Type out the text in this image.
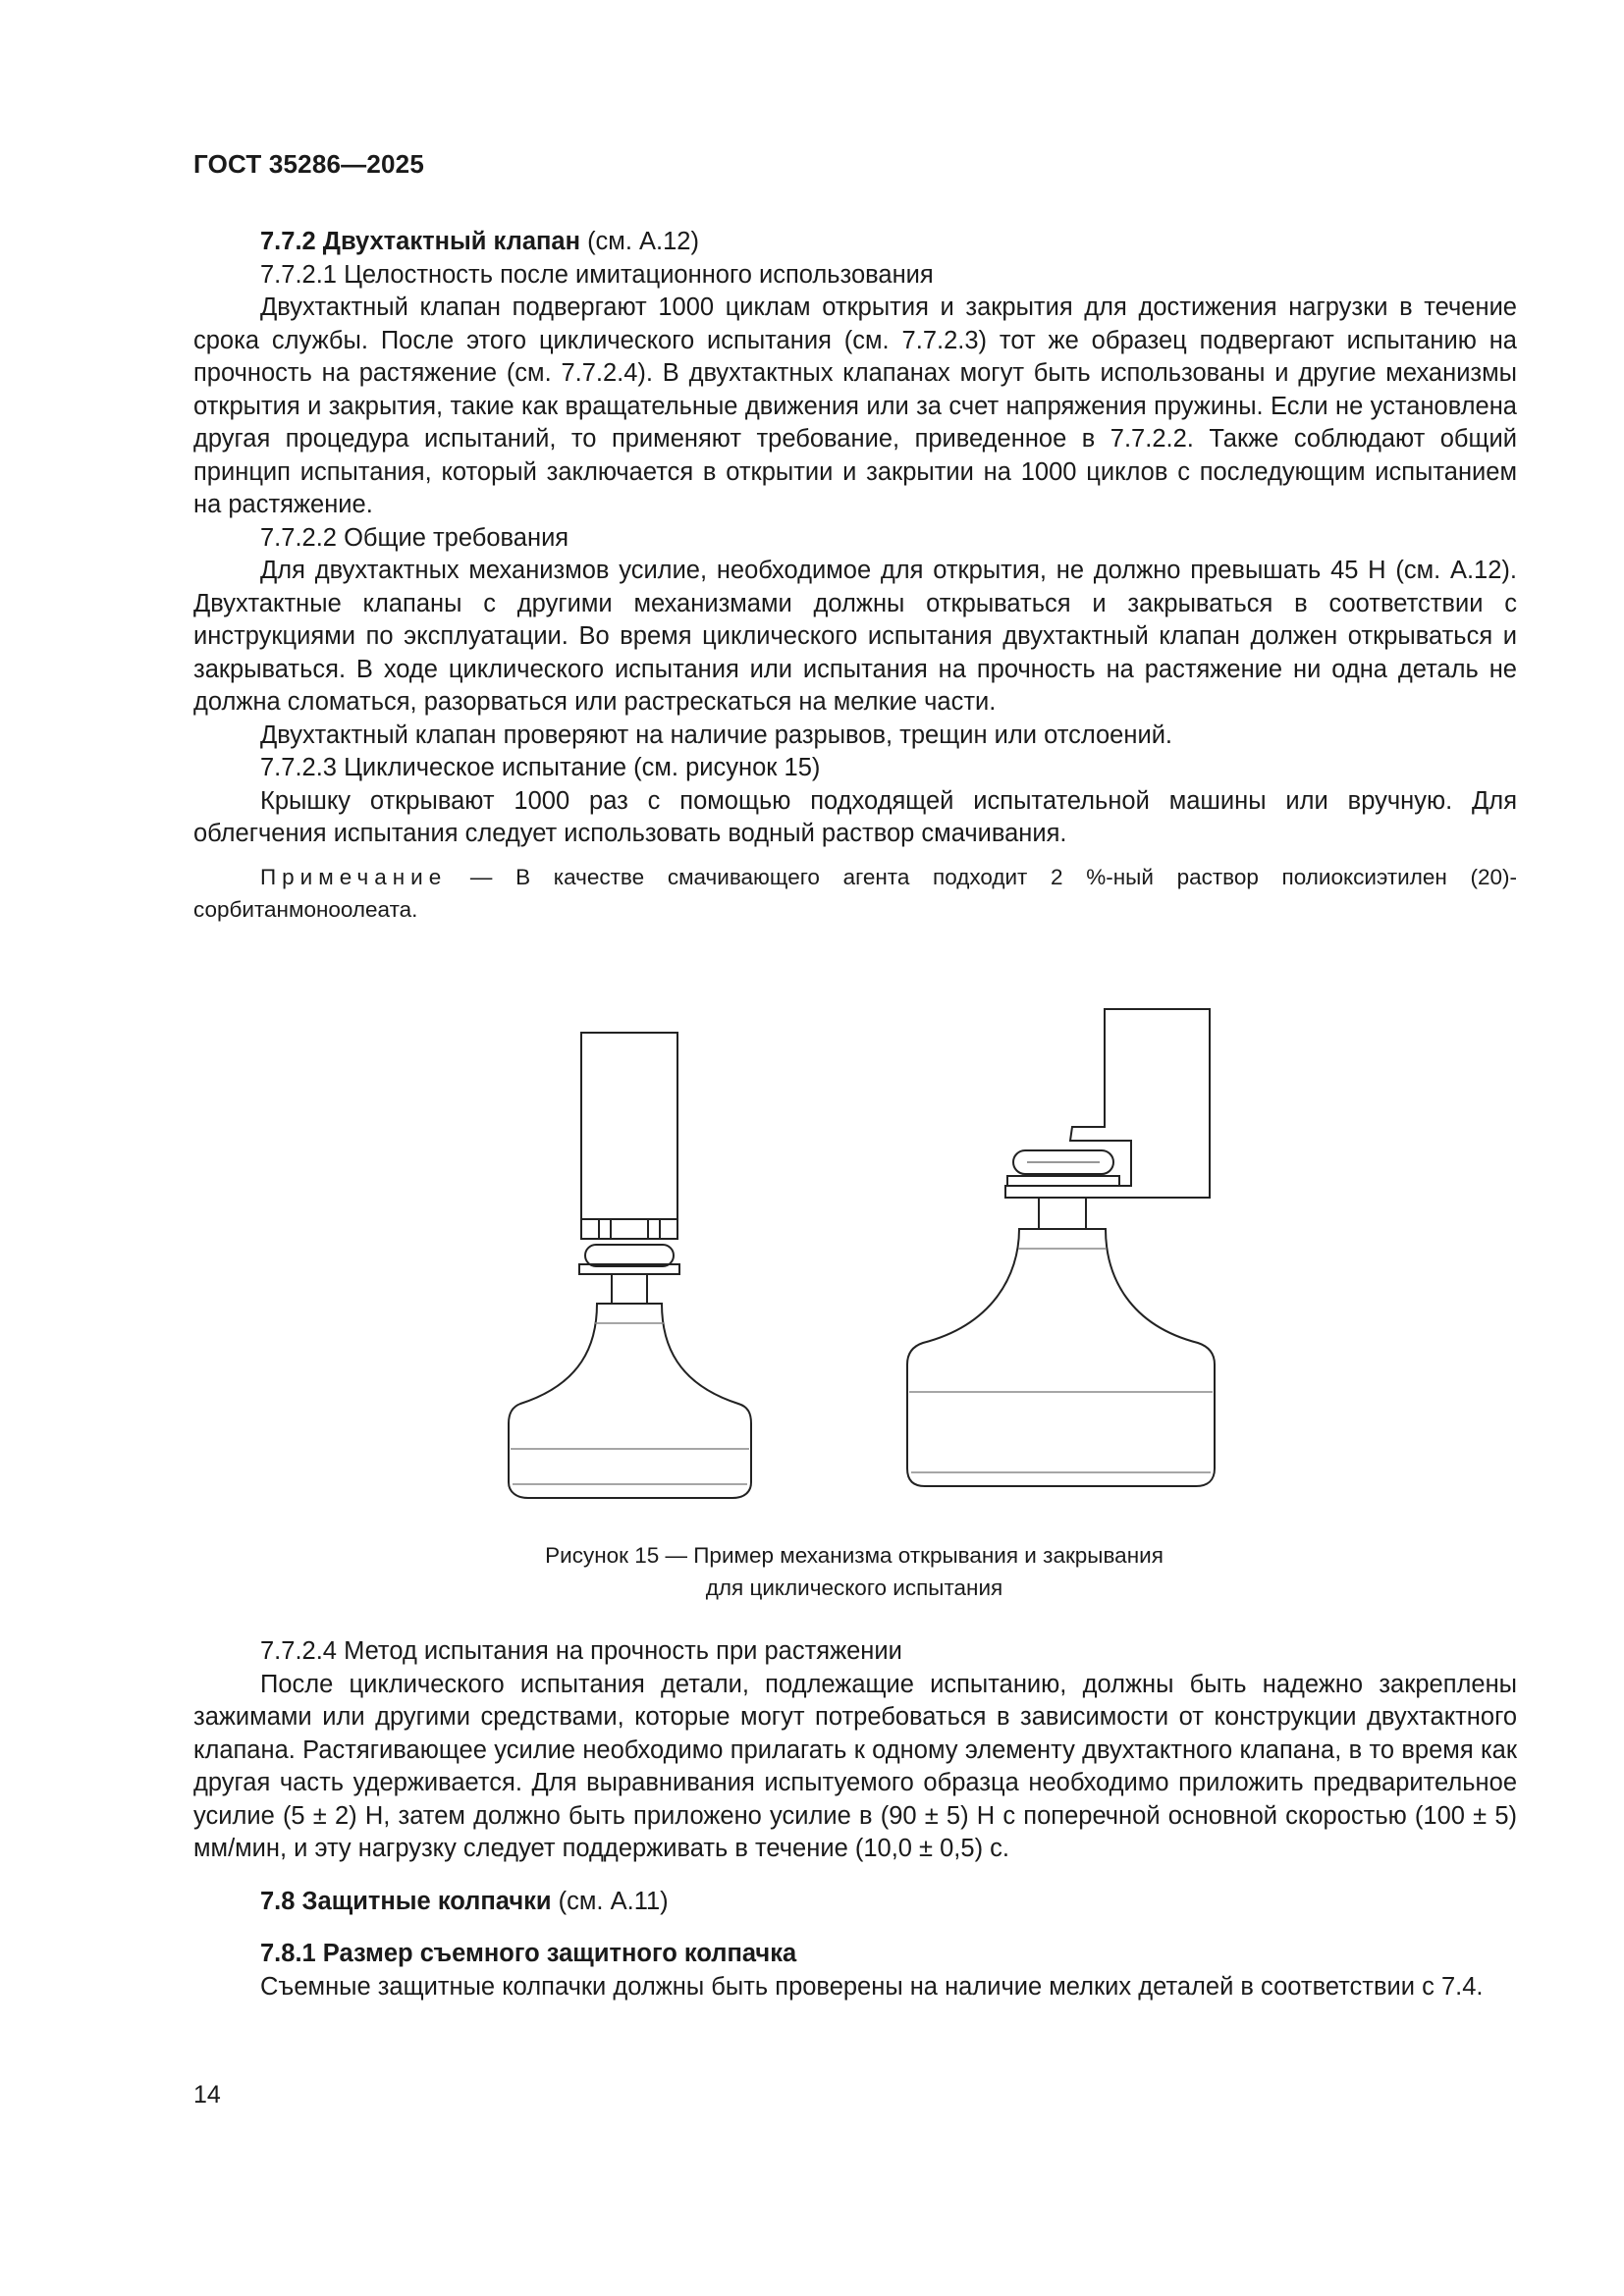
ГОСТ 35286—2025

7.7.2 Двухтактный клапан (см. А.12)

7.7.2.1 Целостность после имитационного использования

Двухтактный клапан подвергают 1000 циклам открытия и закрытия для достижения нагрузки в течение срока службы. После этого циклического испытания (см. 7.7.2.3) тот же образец подвергают испытанию на прочность на растяжение (см. 7.7.2.4). В двухтактных клапанах могут быть использованы и другие механизмы открытия и закрытия, такие как вращательные движения или за счет напряжения пружины. Если не установлена другая процедура испытаний, то применяют требование, приведенное в 7.7.2.2. Также соблюдают общий принцип испытания, который заключается в открытии и закрытии на 1000 циклов с последующим испытанием на растяжение.

7.7.2.2 Общие требования

Для двухтактных механизмов усилие, необходимое для открытия, не должно превышать 45 Н (см. А.12). Двухтактные клапаны с другими механизмами должны открываться и закрываться в соответствии с инструкциями по эксплуатации. Во время циклического испытания двухтактный клапан должен открываться и закрываться. В ходе циклического испытания или испытания на прочность на растяжение ни одна деталь не должна сломаться, разорваться или растрескаться на мелкие части.

Двухтактный клапан проверяют на наличие разрывов, трещин или отслоений.

7.7.2.3 Циклическое испытание (см. рисунок 15)

Крышку открывают 1000 раз с помощью подходящей испытательной машины или вручную. Для облегчения испытания следует использовать водный раствор смачивания.

Примечание — В качестве смачивающего агента подходит 2 %-ный раствор полиоксиэтилен (20)-сорбитанмоноолеата.

Рисунок 15 — Пример механизма открывания и закрывания
для циклического испытания

7.7.2.4 Метод испытания на прочность при растяжении

После циклического испытания детали, подлежащие испытанию, должны быть надежно закреплены зажимами или другими средствами, которые могут потребоваться в зависимости от конструкции двухтактного клапана. Растягивающее усилие необходимо прилагать к одному элементу двухтактного клапана, в то время как другая часть удерживается. Для выравнивания испытуемого образца необходимо приложить предварительное усилие (5 ± 2) Н, затем должно быть приложено усилие в (90 ± 5) Н с поперечной основной скоростью (100 ± 5) мм/мин, и эту нагрузку следует поддерживать в течение (10,0 ± 0,5) с.

7.8 Защитные колпачки (см. А.11)

7.8.1 Размер съемного защитного колпачка

Съемные защитные колпачки должны быть проверены на наличие мелких деталей в соответствии с 7.4.

14
